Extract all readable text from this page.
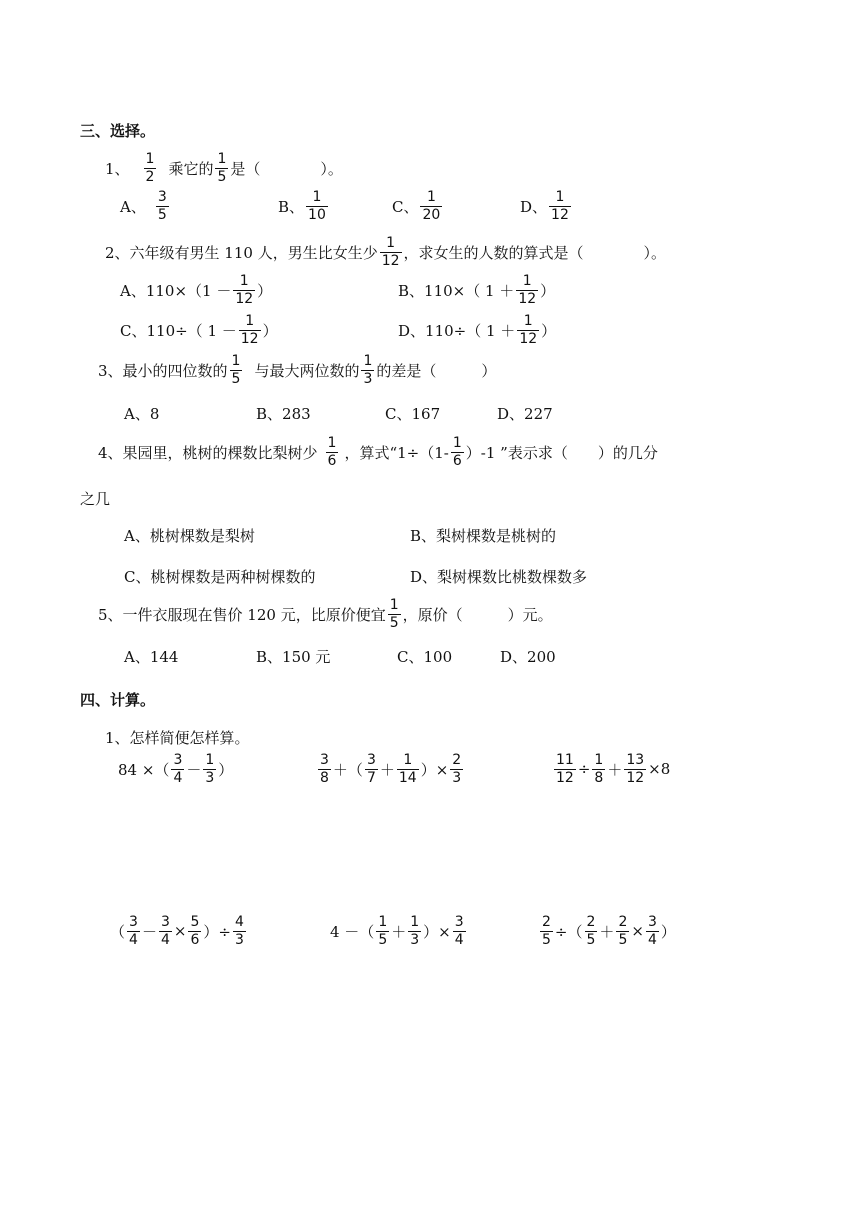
三、选择。
1、 $\frac{1}{2}$ 乘它的 $\frac{1}{5}$ 是（　　　　）。
A、 $\frac{3}{5}$	B、 $\frac{1}{10}$	C、 $\frac{1}{20}$	D、 $\frac{1}{12}$
2、六年级有男生 110 人，男生比女生少 $\frac{1}{12}$ ，求女生的人数的算式是（　　　　）。
A、$110\times(1 - \frac{1}{12}$ ）	B、110×（ $1 + \frac{1}{12}$ ）
C、110÷（ $1 - \frac{1}{12}$ ）	D、110÷（ $1 + \frac{1}{12}$ ）
3、最小的四位数的 $\frac{1}{5}$ 与最大两位数的 $\frac{1}{3}$ 的差是（　　　）
A、8	B、283	C、167	D、227
4、果园里，桃树的棵数比梨树少 $\frac{1}{6}$ ，算式“$1\div(1- \frac{1}{6} )-1$ ”表示求（　　）的几分
之几
A、桃树棵数是梨树	B、梨树棵数是桃树的
C、桃树棵数是两种树棵数的	D、梨树棵数比桃数棵数多
5、一件衣服现在售价 120 元，比原价便宜 $\frac{1}{5}$ ，原价（　　　）元。
A、144	B、150 元	C、100	D、200
四、计算。
1、怎样简便怎样算。
84 ×（ $\frac{3}{4} - \frac{1}{3}$ ）	$\frac{3}{8}$ ＋（ $\frac{3}{7} + \frac{1}{14}$ ）× $\frac{2}{3}$	$\frac{11}{12} \div \frac{1}{8} + \frac{13}{12} \times 8$
（ $\frac{3}{4} - \frac{3}{4} \times \frac{5}{6}$ ）÷ $\frac{4}{3}$	4 －（ $\frac{1}{5} + \frac{1}{3}$ ）× $\frac{3}{4}$	$\frac{2}{5}$ ÷（ $\frac{2}{5} + \frac{2}{5} \times \frac{3}{4}$ ）
